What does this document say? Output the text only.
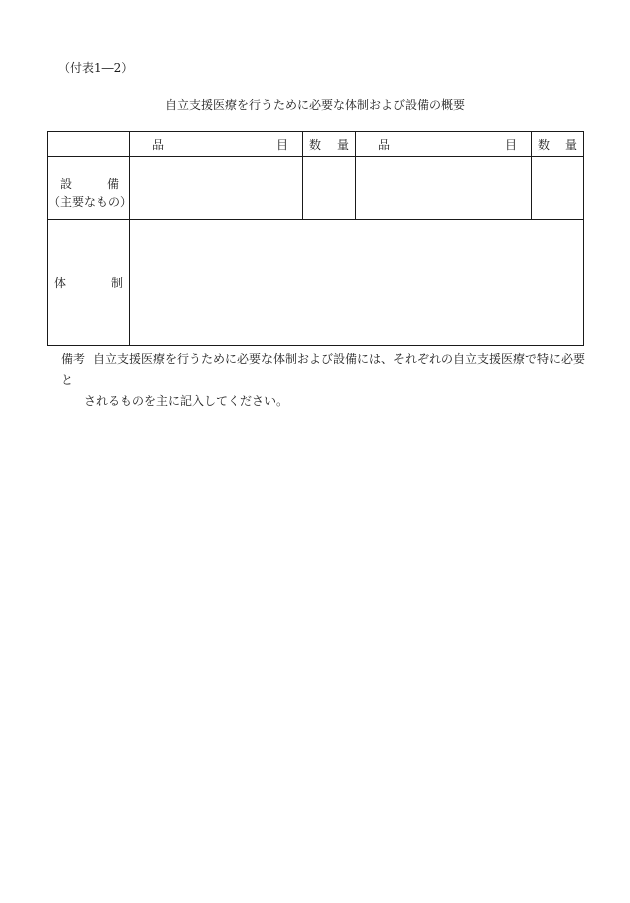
（付表1―2）
自立支援医療を行うために必要な体制および設備の概要

	品 目	数 量	品 目	数 量

設 備
（主要なもの）				

体 制				

備考 自立支援医療を行うために必要な体制および設備には、それぞれの自立支援医療で特に必要と
されるものを主に記入してください。
